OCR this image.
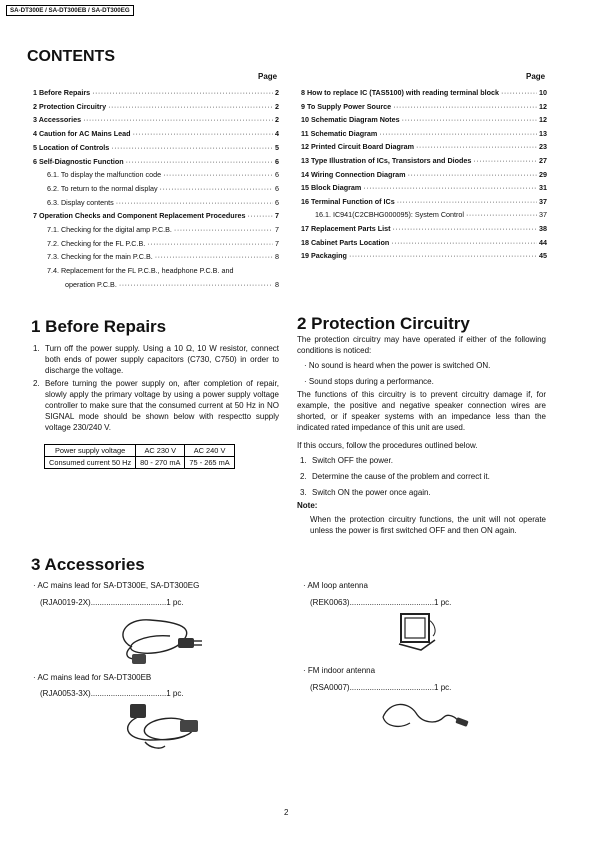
SA-DT300E / SA-DT300EB / SA-DT300EG
CONTENTS
Page	Page
1 Before Repairs ·····	2
2 Protection Circuitry ·····	2
3 Accessories ·····	2
4 Caution for AC Mains Lead ·····	4
5 Location of Controls ·····	5
6 Self-Diagnostic Function ·····	6
6.1. To display the malfunction code ·····	6
6.2. To return to the normal display ·····	6
6.3. Display contents ·····	6
7 Operation Checks and Component Replacement Procedures ·····	7
7.1. Checking for the digital amp P.C.B. ·····	7
7.2. Checking for the FL P.C.B. ·····	7
7.3. Checking for the main P.C.B. ·····	8
7.4. Replacement for the FL P.C.B., headphone P.C.B. and
operation P.C.B. ·····	8
8 How to replace IC (TAS5100) with reading terminal block ·····	10
9 To Supply Power Source ·····	12
10 Schematic Diagram Notes ·····	12
11 Schematic Diagram ·····	13
12 Printed Circuit Board Diagram ·····	23
13 Type Illustration of ICs, Transistors and Diodes ·····	27
14 Wiring Connection Diagram ·····	29
15 Block Diagram ·····	31
16 Terminal Function of ICs ·····	37
16.1. IC941(C2CBHG000095): System Control ·····	37
17 Replacement Parts List ·····	38
18 Cabinet Parts Location ·····	44
19 Packaging ·····	45
1 Before Repairs
1. Turn off the power supply. Using a 10 Ω, 10 W resistor, connect both ends of power supply capacitors (C730, C750) in order to discharge the voltage.
2. Before turning the power supply on, after completion of repair, slowly apply the primary voltage by using a power supply voltage controller to make sure that the consumed current at 50 Hz in NO SIGNAL mode should be shown below with respectto supply voltage 230/240 V.
Power supply voltage	AC 230 V	AC 240 V
Consumed current 50 Hz	80 - 270 mA	75 - 265 mA
2 Protection Circuitry
The protection circuitry may have operated if either of the following conditions is noticed:
· No sound is heard when the power is switched ON.
· Sound stops during a performance.
The functions of this circuitry is to prevent circuitry damage if, for example, the positive and negative speaker connection wires are shorted, or if speaker systems with an impedance less than the indicated rated impedance of this unit are used.
If this occurs, follow the procedures outlined below.
1. Switch OFF the power.
2. Determine the cause of the problem and correct it.
3. Switch ON the power once again.
Note:
When the protection circuitry functions, the unit will not operate unless the power is first switched OFF and then ON again.
3 Accessories
· AC mains lead for SA-DT300E, SA-DT300EG
(RJA0019-2X)..................................1 pc.
· AC mains lead for SA-DT300EB
(RJA0053-3X)..................................1 pc.
· AM loop antenna
(REK0063)......................................1 pc.
· FM indoor antenna
(RSA0007)......................................1 pc.
2
